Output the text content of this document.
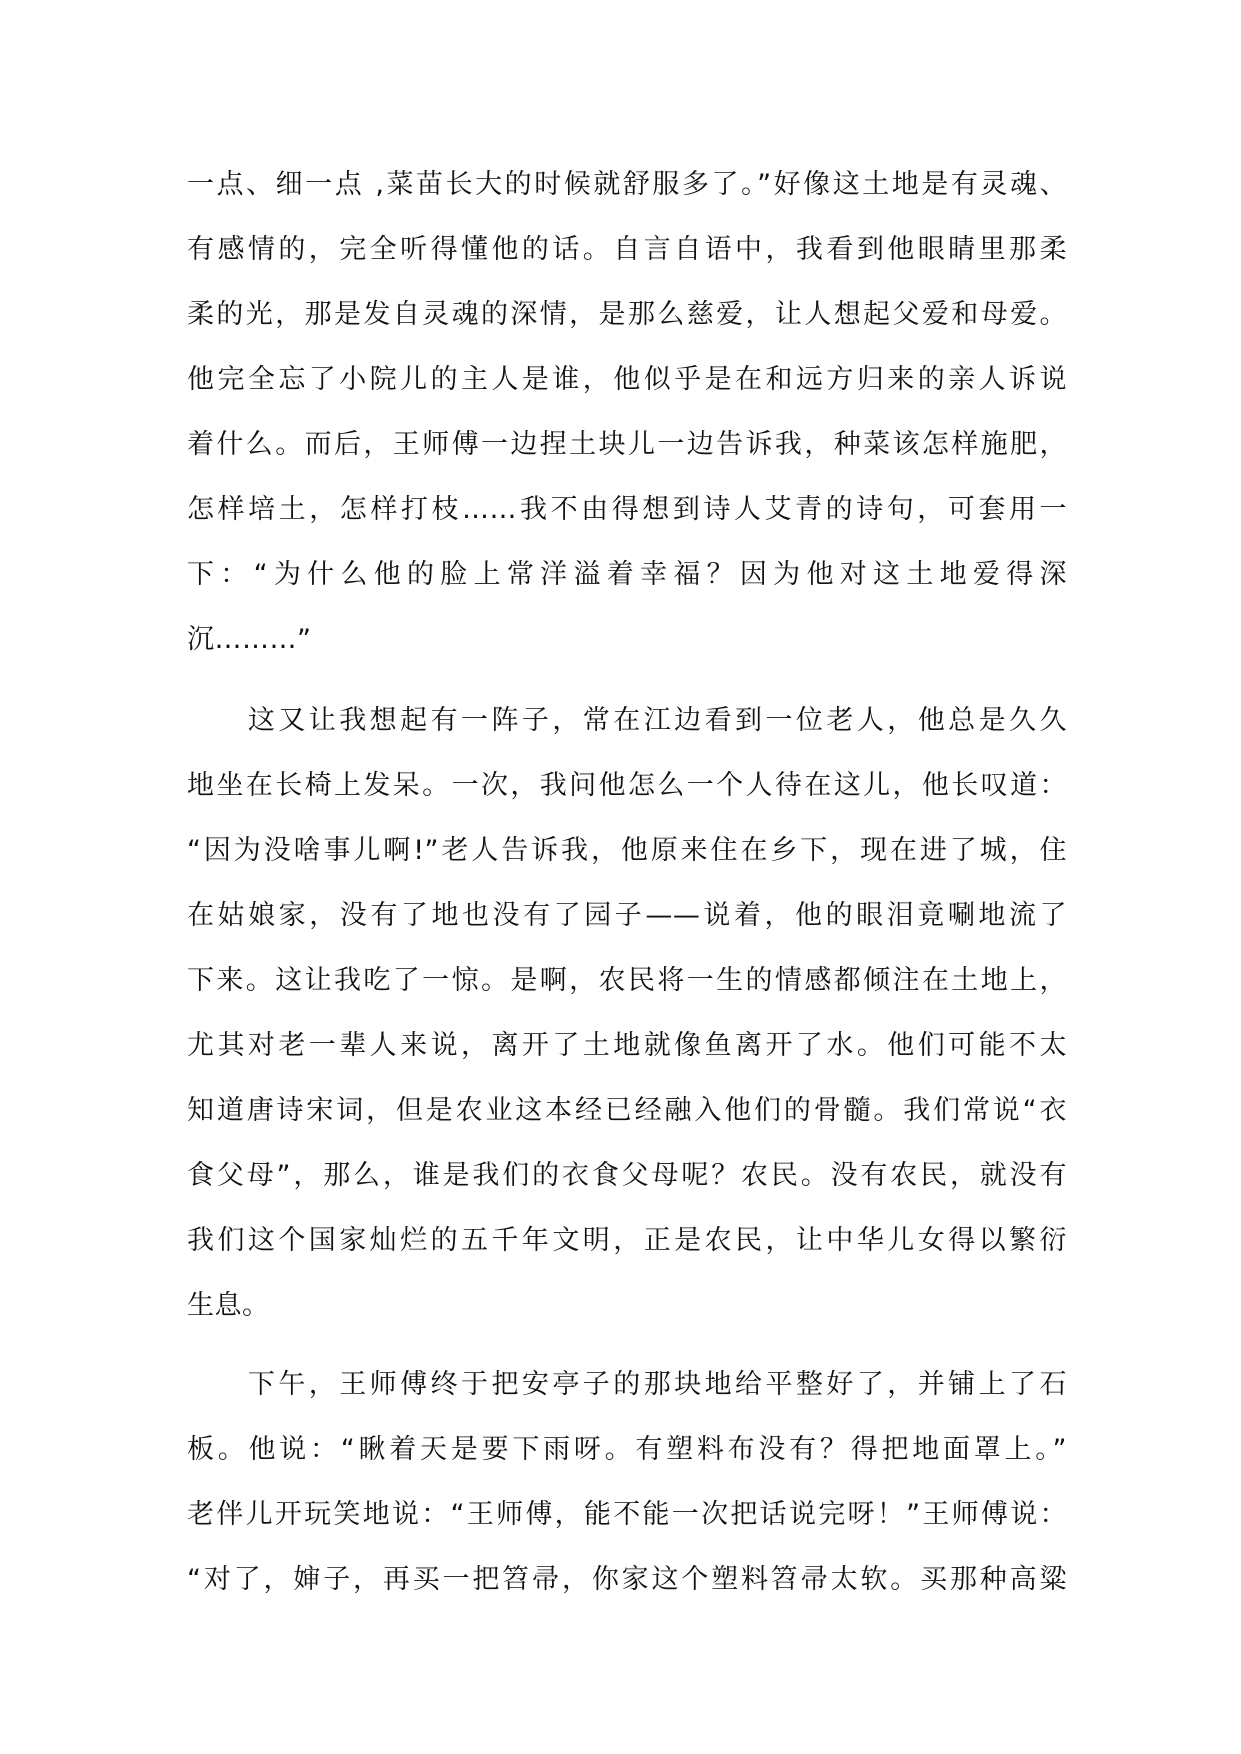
一点、细一点 ,菜苗长大的时候就舒服多了。”好像这土地是有灵魂、
有感情的，完全听得懂他的话。自言自语中，我看到他眼睛里那柔
柔的光，那是发自灵魂的深情，是那么慈爱，让人想起父爱和母爱。
他完全忘了小院儿的主人是谁，他似乎是在和远方归来的亲人诉说
着什么。而后，王师傅一边捏土块儿一边告诉我，种菜该怎样施肥，
怎样培土，怎样打枝……我不由得想到诗人艾青的诗句，可套用一
下：“为什么他的脸上常洋溢着幸福？因为他对这土地爱得深
沉………”
　　这又让我想起有一阵子，常在江边看到一位老人，他总是久久
地坐在长椅上发呆。一次，我问他怎么一个人待在这儿，他长叹道：
“因为没啥事儿啊!”老人告诉我，他原来住在乡下，现在进了城，住
在姑娘家，没有了地也没有了园子——说着，他的眼泪竟唰地流了
下来。这让我吃了一惊。是啊，农民将一生的情感都倾注在土地上，
尤其对老一辈人来说，离开了土地就像鱼离开了水。他们可能不太
知道唐诗宋词，但是农业这本经已经融入他们的骨髓。我们常说“衣
食父母”，那么，谁是我们的衣食父母呢？农民。没有农民，就没有
我们这个国家灿烂的五千年文明，正是农民，让中华儿女得以繁衍
生息。
　　下午，王师傅终于把安亭子的那块地给平整好了，并铺上了石
板。他说：“瞅着天是要下雨呀。有塑料布没有？得把地面罩上。”
老伴儿开玩笑地说：“王师傅，能不能一次把话说完呀！”王师傅说：
“对了，婶子，再买一把笤帚，你家这个塑料笤帚太软。买那种高粱
